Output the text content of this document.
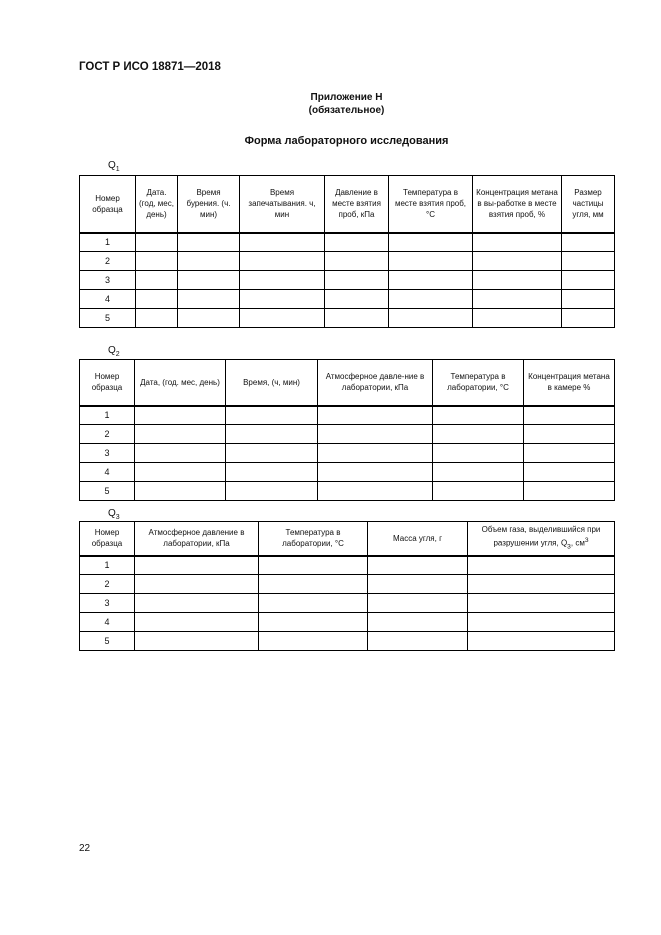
ГОСТ Р ИСО 18871—2018
Приложение Н
(обязательное)
Форма лабораторного исследования
$Q_1$
Номер образца	Дата. (год, мес, день)	Время бурения. (ч. мин)	Время запечатывания. ч, мин	Давление в месте взятия проб, кПа	Температура в месте взятия проб, °С	Концентрация метана в вы-работке в месте взятия проб, %	Размер частицы угля, мм
1							
2							
3							
4							
5							
$Q_2$
Номер образца	Дата, (год. мес, день)	Время, (ч, мин)	Атмосферное давле-ние в лаборатории, кПа	Температура в лаборатории, °С	Концентрация метана в камере %
1					
2					
3					
4					
5					
$Q_3$
Номер образца	Атмосферное давление в лаборатории, кПа	Температура в лаборатории, °С	Масса угля, г	Объем газа, выделившийся при разрушении угля, $Q_3$, $см^3$
1				
2				
3				
4				
5				
22
